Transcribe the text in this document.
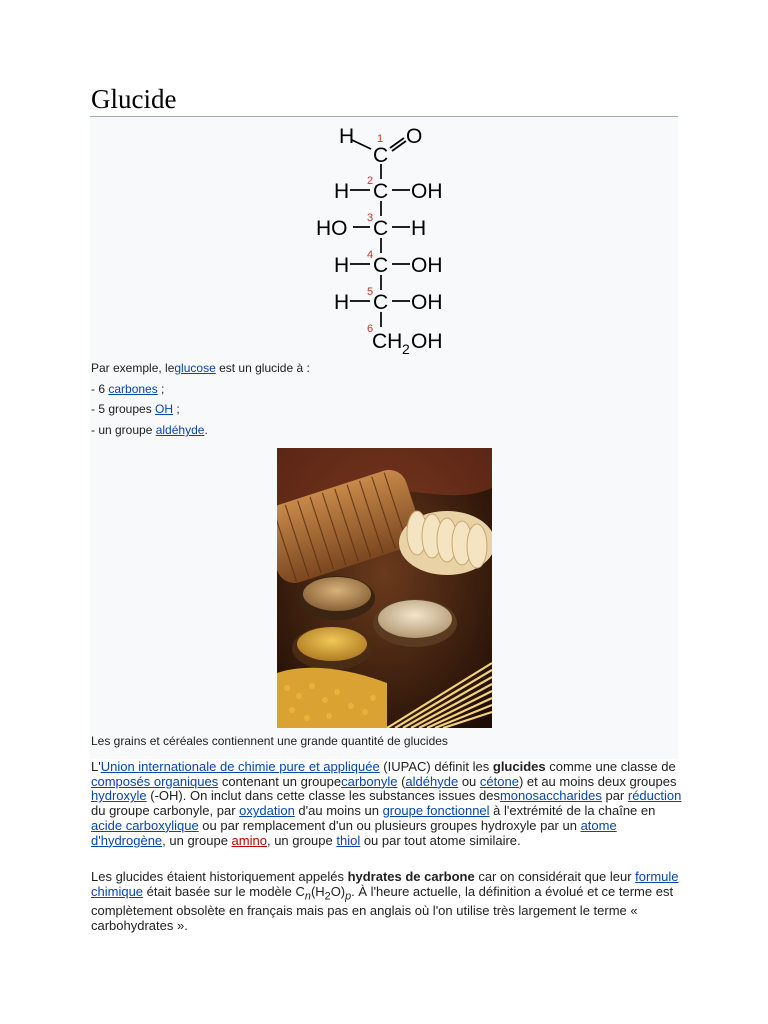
Glucide
H
C
O
H C OH
HO C H
H C OH
H C OH
CH 2 OH
1
2
3
4
5
6
Par exemple, leglucose est un glucide à :
- 6 carbones ;
- 5 groupes OH ;
- un groupe aldéhyde.
Les grains et céréales contiennent une grande quantité de glucides

L'Union internationale de chimie pure et appliquée (IUPAC) définit les glucides comme une classe de composés organiques contenant un groupecarbonyle (aldéhyde ou cétone) et au moins deux groupes hydroxyle (-OH). On inclut dans cette classe les substances issues desmonosaccharides par réduction du groupe carbonyle, par oxydation d'au moins un groupe fonctionnel à l'extrémité de la chaîne en acide carboxylique ou par remplacement d'un ou plusieurs groupes hydroxyle par un atome d'hydrogène, un groupe amino, un groupe thiol ou par tout atome similaire.

Les glucides étaient historiquement appelés hydrates de carbone car on considérait que leur formule chimique était basée sur le modèle $C_n(H_2O)_p$. À l'heure actuelle, la définition a évolué et ce terme est complètement obsolète en français mais pas en anglais où l'on utilise très largement le terme « carbohydrates ».
